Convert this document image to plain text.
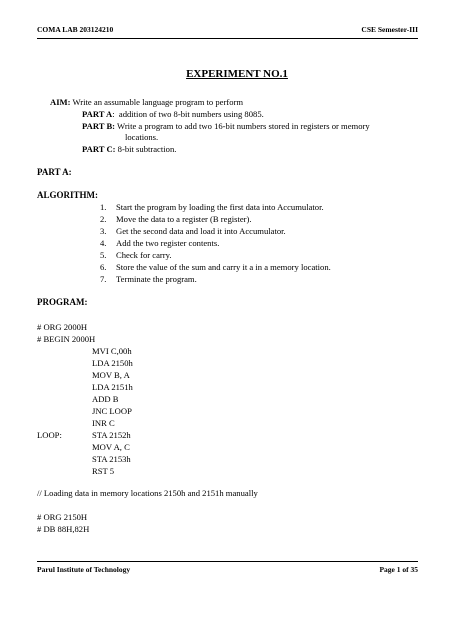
COMA LAB 203124210	CSE Semester-III
EXPERIMENT NO.1
AIM: Write an assumable language program to perform
PART A: addition of two 8-bit numbers using 8085.
PART B: Write a program to add two 16-bit numbers stored in registers or memory
locations.
PART C: 8-bit subtraction.
PART A:
ALGORITHM:
1. Start the program by loading the first data into Accumulator.
2. Move the data to a register (B register).
3. Get the second data and load it into Accumulator.
4. Add the two register contents.
5. Check for carry.
6. Store the value of the sum and carry it a in a memory location.
7. Terminate the program.
PROGRAM:
# ORG 2000H
# BEGIN 2000H
MVI C,00h
LDA 2150h
MOV B, A
LDA 2151h
ADD B
JNC LOOP
INR C
LOOP:	STA 2152h
MOV A, C
STA 2153h
RST 5
// Loading data in memory locations 2150h and 2151h manually
# ORG 2150H
# DB 88H,82H
Parul Institute of Technology	Page 1 of 35
